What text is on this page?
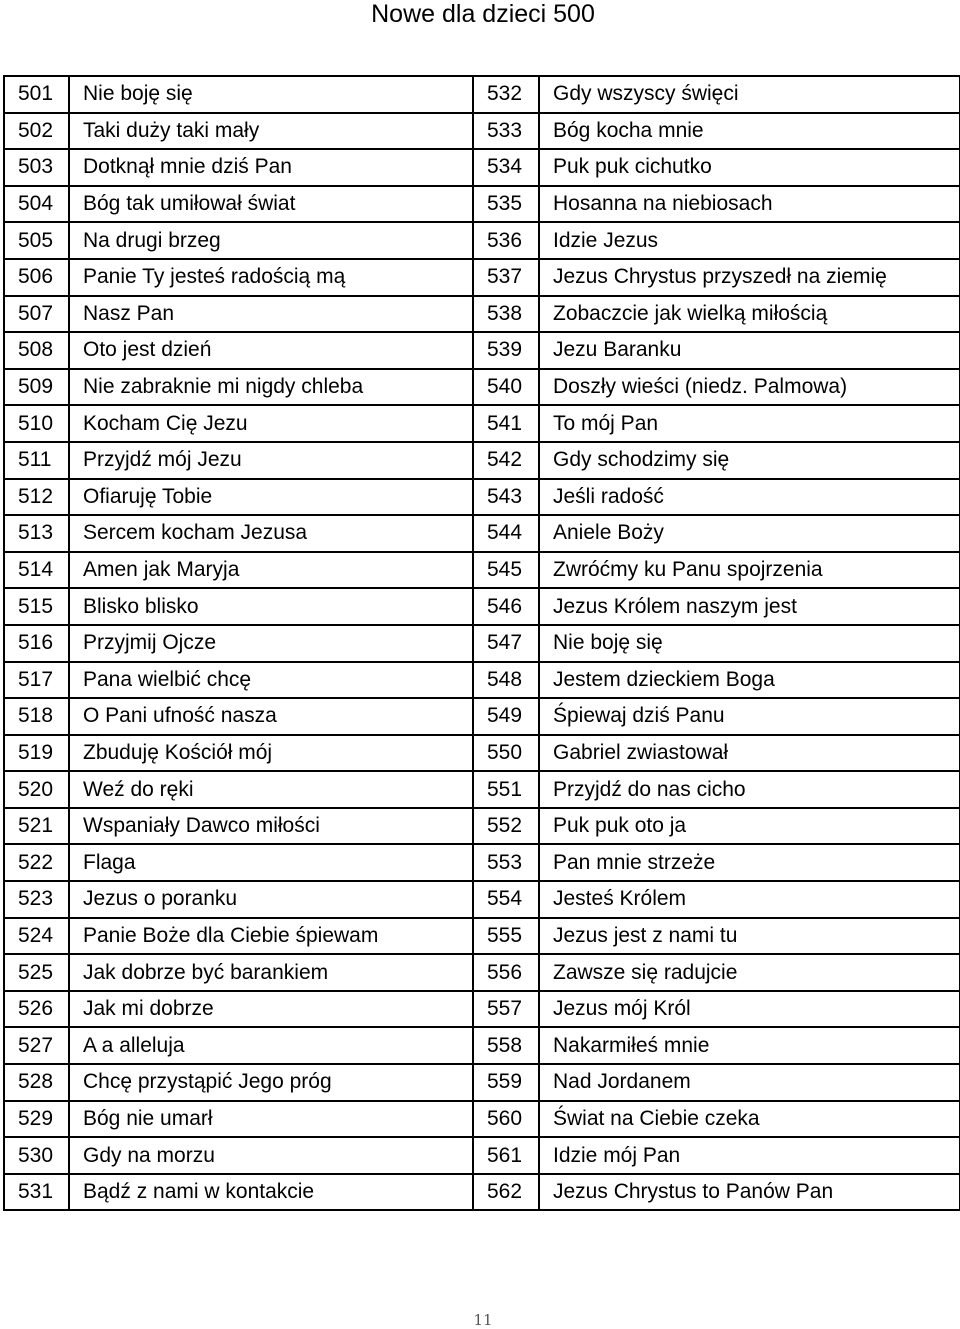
Nowe dla dzieci 500
501	Nie boję się	532	Gdy wszyscy święci
502	Taki duży taki mały	533	Bóg kocha mnie
503	Dotknął mnie dziś Pan	534	Puk puk cichutko
504	Bóg tak umiłował świat	535	Hosanna na niebiosach
505	Na drugi brzeg	536	Idzie Jezus
506	Panie Ty jesteś radością mą	537	Jezus Chrystus przyszedł na ziemię
507	Nasz Pan	538	Zobaczcie jak wielką miłością
508	Oto jest dzień	539	Jezu Baranku
509	Nie zabraknie mi nigdy chleba	540	Doszły wieści (niedz. Palmowa)
510	Kocham Cię Jezu	541	To mój Pan
511	Przyjdź mój Jezu	542	Gdy schodzimy się
512	Ofiaruję Tobie	543	Jeśli radość
513	Sercem kocham Jezusa	544	Aniele Boży
514	Amen jak Maryja	545	Zwróćmy ku Panu spojrzenia
515	Blisko blisko	546	Jezus Królem naszym jest
516	Przyjmij Ojcze	547	Nie boję się
517	Pana wielbić chcę	548	Jestem dzieckiem Boga
518	O Pani ufność nasza	549	Śpiewaj dziś Panu
519	Zbuduję Kościół mój	550	Gabriel zwiastował
520	Weź do ręki	551	Przyjdź do nas cicho
521	Wspaniały Dawco miłości	552	Puk puk oto ja
522	Flaga	553	Pan mnie strzeże
523	Jezus o poranku	554	Jesteś Królem
524	Panie Boże dla Ciebie śpiewam	555	Jezus jest z nami tu
525	Jak dobrze być barankiem	556	Zawsze się radujcie
526	Jak mi dobrze	557	Jezus mój Król
527	A a alleluja	558	Nakarmiłeś mnie
528	Chcę przystąpić Jego próg	559	Nad Jordanem
529	Bóg nie umarł	560	Świat na Ciebie czeka
530	Gdy na morzu	561	Idzie mój Pan
531	Bądź z nami w kontakcie	562	Jezus Chrystus to Panów Pan
11
